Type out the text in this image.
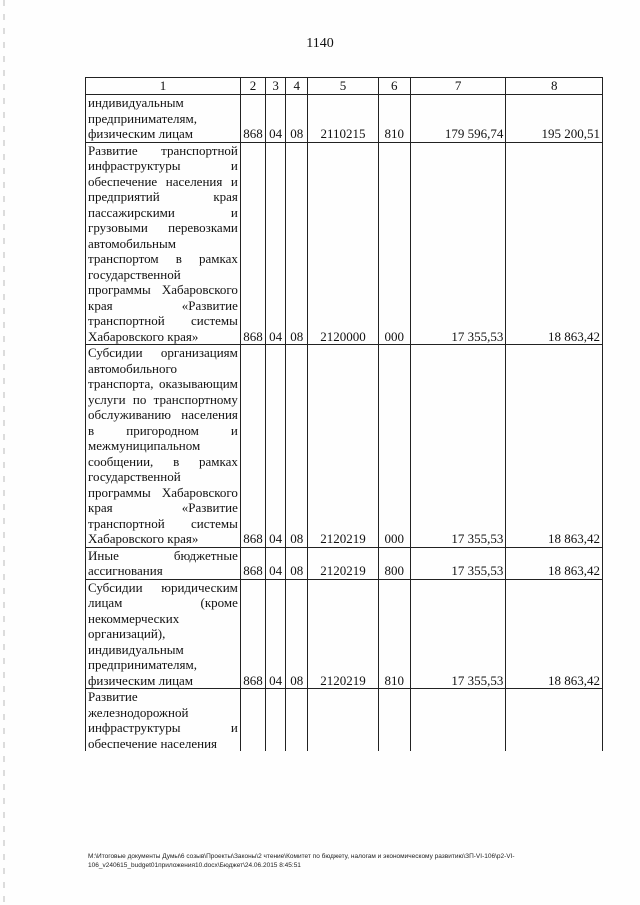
1140
1	2	3	4	5	6	7	8
индивидуальным предпринимателям, физическим лицам	868	04	08	2110215	810	179 596,74	195 200,51
Развитие транспортной инфраструктуры и обеспечение населения и предприятий края пассажирскими и грузовыми перевозками автомобильным транспортом в рамках государственной программы Хабаровского края «Развитие транспортной системы Хабаровского края»	868	04	08	2120000	000	17 355,53	18 863,42
Субсидии организациям автомобильного транспорта, оказывающим услуги по транспортному обслуживанию населения в пригородном и межмуниципальном сообщении, в рамках государственной программы Хабаровского края «Развитие транспортной системы Хабаровского края»	868	04	08	2120219	000	17 355,53	18 863,42
Иные бюджетные ассигнования	868	04	08	2120219	800	17 355,53	18 863,42
Субсидии юридическим лицам (кроме некоммерческих организаций), индивидуальным предпринимателям, физическим лицам	868	04	08	2120219	810	17 355,53	18 863,42
Развитие железнодорожной инфраструктуры и обеспечение населения							
M:\Итоговые документы Думы\6 созыв\Проекты\Законы\2 чтение\Комитет по бюджету, налогам и экономическому развитию\ЗП-VI-106\р2-VI-106_v240615_budget01приложения10.docx\Бюджет\24.06.2015 8:45:51
